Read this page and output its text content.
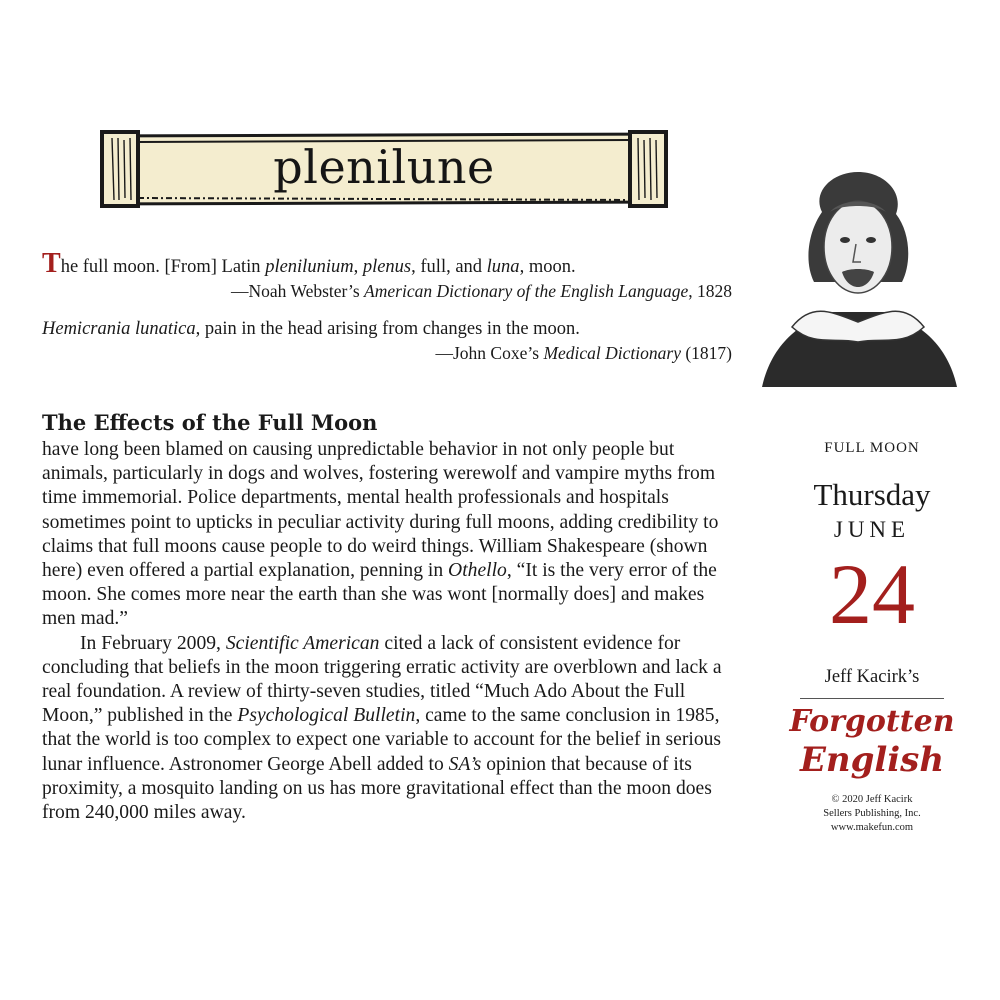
plenilune

The full moon. [From] Latin plenilunium, plenus, full, and luna, moon.

—Noah Webster’s American Dictionary of the English Language, 1828

Hemicrania lunatica, pain in the head arising from changes in the moon.

—John Coxe’s Medical Dictionary (1817)

The Effects of the Full Moon

have long been blamed on causing unpredictable behavior in not only people but animals, particularly in dogs and wolves, fostering werewolf and vampire myths from time immemorial. Police departments, mental health professionals and hospitals sometimes point to upticks in peculiar activity during full moons, adding credibility to claims that full moons cause people to do weird things. William Shakespeare (shown here) even offered a partial explanation, penning in Othello, “It is the very error of the moon. She comes more near the earth than she was wont [normally does] and makes men mad.”

In February 2009, Scientific American cited a lack of consistent evidence for concluding that beliefs in the moon triggering erratic activity are overblown and lack a real foundation. A review of thirty-seven studies, titled “Much Ado About the Full Moon,” published in the Psychological Bulletin, came to the same conclusion in 1985, that the world is too complex to expect one variable to account for the belief in serious lunar influence. Astronomer George Abell added to SA’s opinion that because of its proximity, a mosquito landing on us has more gravitational effect than the moon does from 240,000 miles away.

FULL MOON
Thursday
JUNE
24
Jeff Kacirk’s
Forgotten
English
© 2020 Jeff Kacirk
Sellers Publishing, Inc.
www.makefun.com
